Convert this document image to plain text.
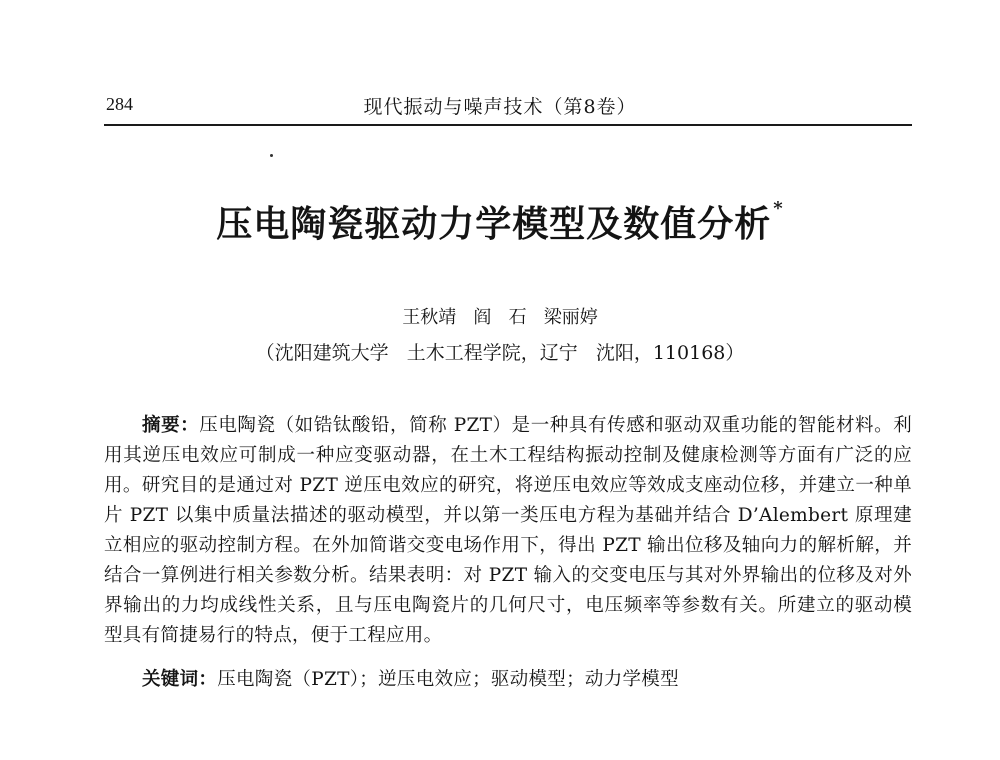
284	现代振动与噪声技术（第8卷）
压电陶瓷驱动力学模型及数值分析 *
王秋靖   阎   石   梁丽婷
（沈阳建筑大学   土木工程学院，辽宁   沈阳，110168）

摘要：压电陶瓷（如锆钛酸铅，简称 PZT）是一种具有传感和驱动双重功能的智能材料。利用其逆压电效应可制成一种应变驱动器，在土木工程结构振动控制及健康检测等方面有广泛的应用。研究目的是通过对 PZT 逆压电效应的研究，将逆压电效应等效成支座动位移，并建立一种单片 PZT 以集中质量法描述的驱动模型，并以第一类压电方程为基础并结合 D’Alembert 原理建立相应的驱动控制方程。在外加简谐交变电场作用下，得出 PZT 输出位移及轴向力的解析解，并结合一算例进行相关参数分析。结果表明：对 PZT 输入的交变电压与其对外界输出的位移及对外界输出的力均成线性关系，且与压电陶瓷片的几何尺寸，电压频率等参数有关。所建立的驱动模型具有简捷易行的特点，便于工程应用。

关键词：压电陶瓷（PZT）；逆压电效应；驱动模型；动力学模型
